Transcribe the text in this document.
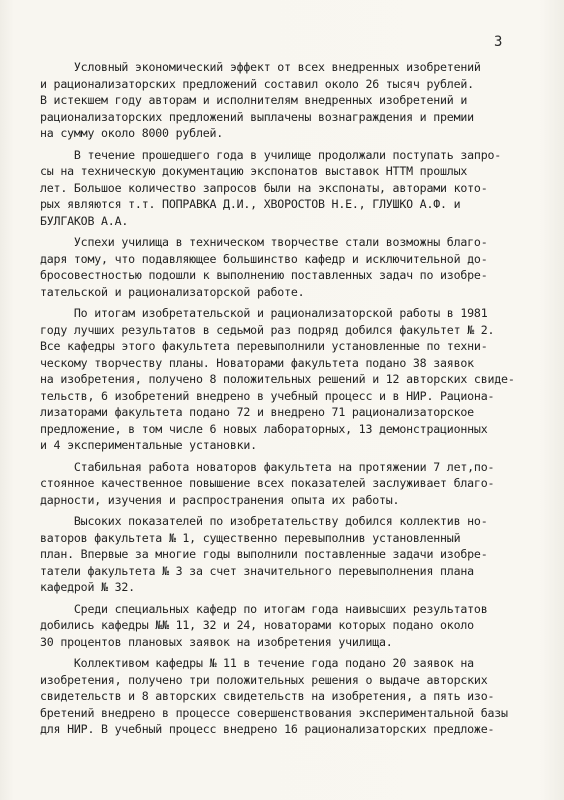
3
Условный экономический эффект от всех внедренных изобретений
и рационализаторских предложений составил около 26 тысяч рублей.
В истекшем году авторам и исполнителям внедренных изобретений и
рационализаторских предложений выплачены вознаграждения и премии
на сумму около 8000 рублей.
В течение прошедшего года в училище продолжали поступать запро-
сы на техническую документацию экспонатов выставок НТТМ прошлых
лет. Большое количество запросов были на экспонаты, авторами кото-
рых являются т.т. ПОПРАВКА Д.И., ХВОРОСТОВ Н.Е., ГЛУШКО А.Ф. и
БУЛГАКОВ А.А.
Успехи училища в техническом творчестве стали возможны благо-
даря тому, что подавляющее большинство кафедр и исключительной до-
бросовестностью подошли к выполнению поставленных задач по изобре-
тательской и рационализаторской работе.
По итогам изобретательской и рационализаторской работы в 1981
году лучших результатов в седьмой раз подряд добился факультет № 2.
Все кафедры этого факультета перевыполнили установленные по техни-
ческому творчеству планы. Новаторами факультета подано 38 заявок
на изобретения, получено 8 положительных решений и 12 авторских свиде-
тельств, 6 изобретений внедрено в учебный процесс и в НИР. Рациона-
лизаторами факультета подано 72 и внедрено 71 рационализаторское
предложение, в том числе 6 новых лабораторных, 13 демонстрационных
и 4 экспериментальные установки.
Стабильная работа новаторов факультета на протяжении 7 лет,по-
стоянное качественное повышение всех показателей заслуживает благо-
дарности, изучения и распространения опыта их работы.
Высоких показателей по изобретательству добился коллектив но-
ваторов факультета № 1, существенно перевыполнив установленный
план. Впервые за многие годы выполнили поставленные задачи изобре-
татели факультета № 3 за счет значительного перевыполнения плана
кафедрой № 32.
Среди специальных кафедр по итогам года наивысших результатов
добились кафедры №№ 11, 32 и 24, новаторами которых подано около
30 процентов плановых заявок на изобретения училища.
Коллективом кафедры № 11 в течение года подано 20 заявок на
изобретения, получено три положительных решения о выдаче авторских
свидетельств и 8 авторских свидетельств на изобретения, а пять изо-
бретений внедрено в процессе совершенствования экспериментальной базы
для НИР. В учебный процесс внедрено 16 рационализаторских предложе-
